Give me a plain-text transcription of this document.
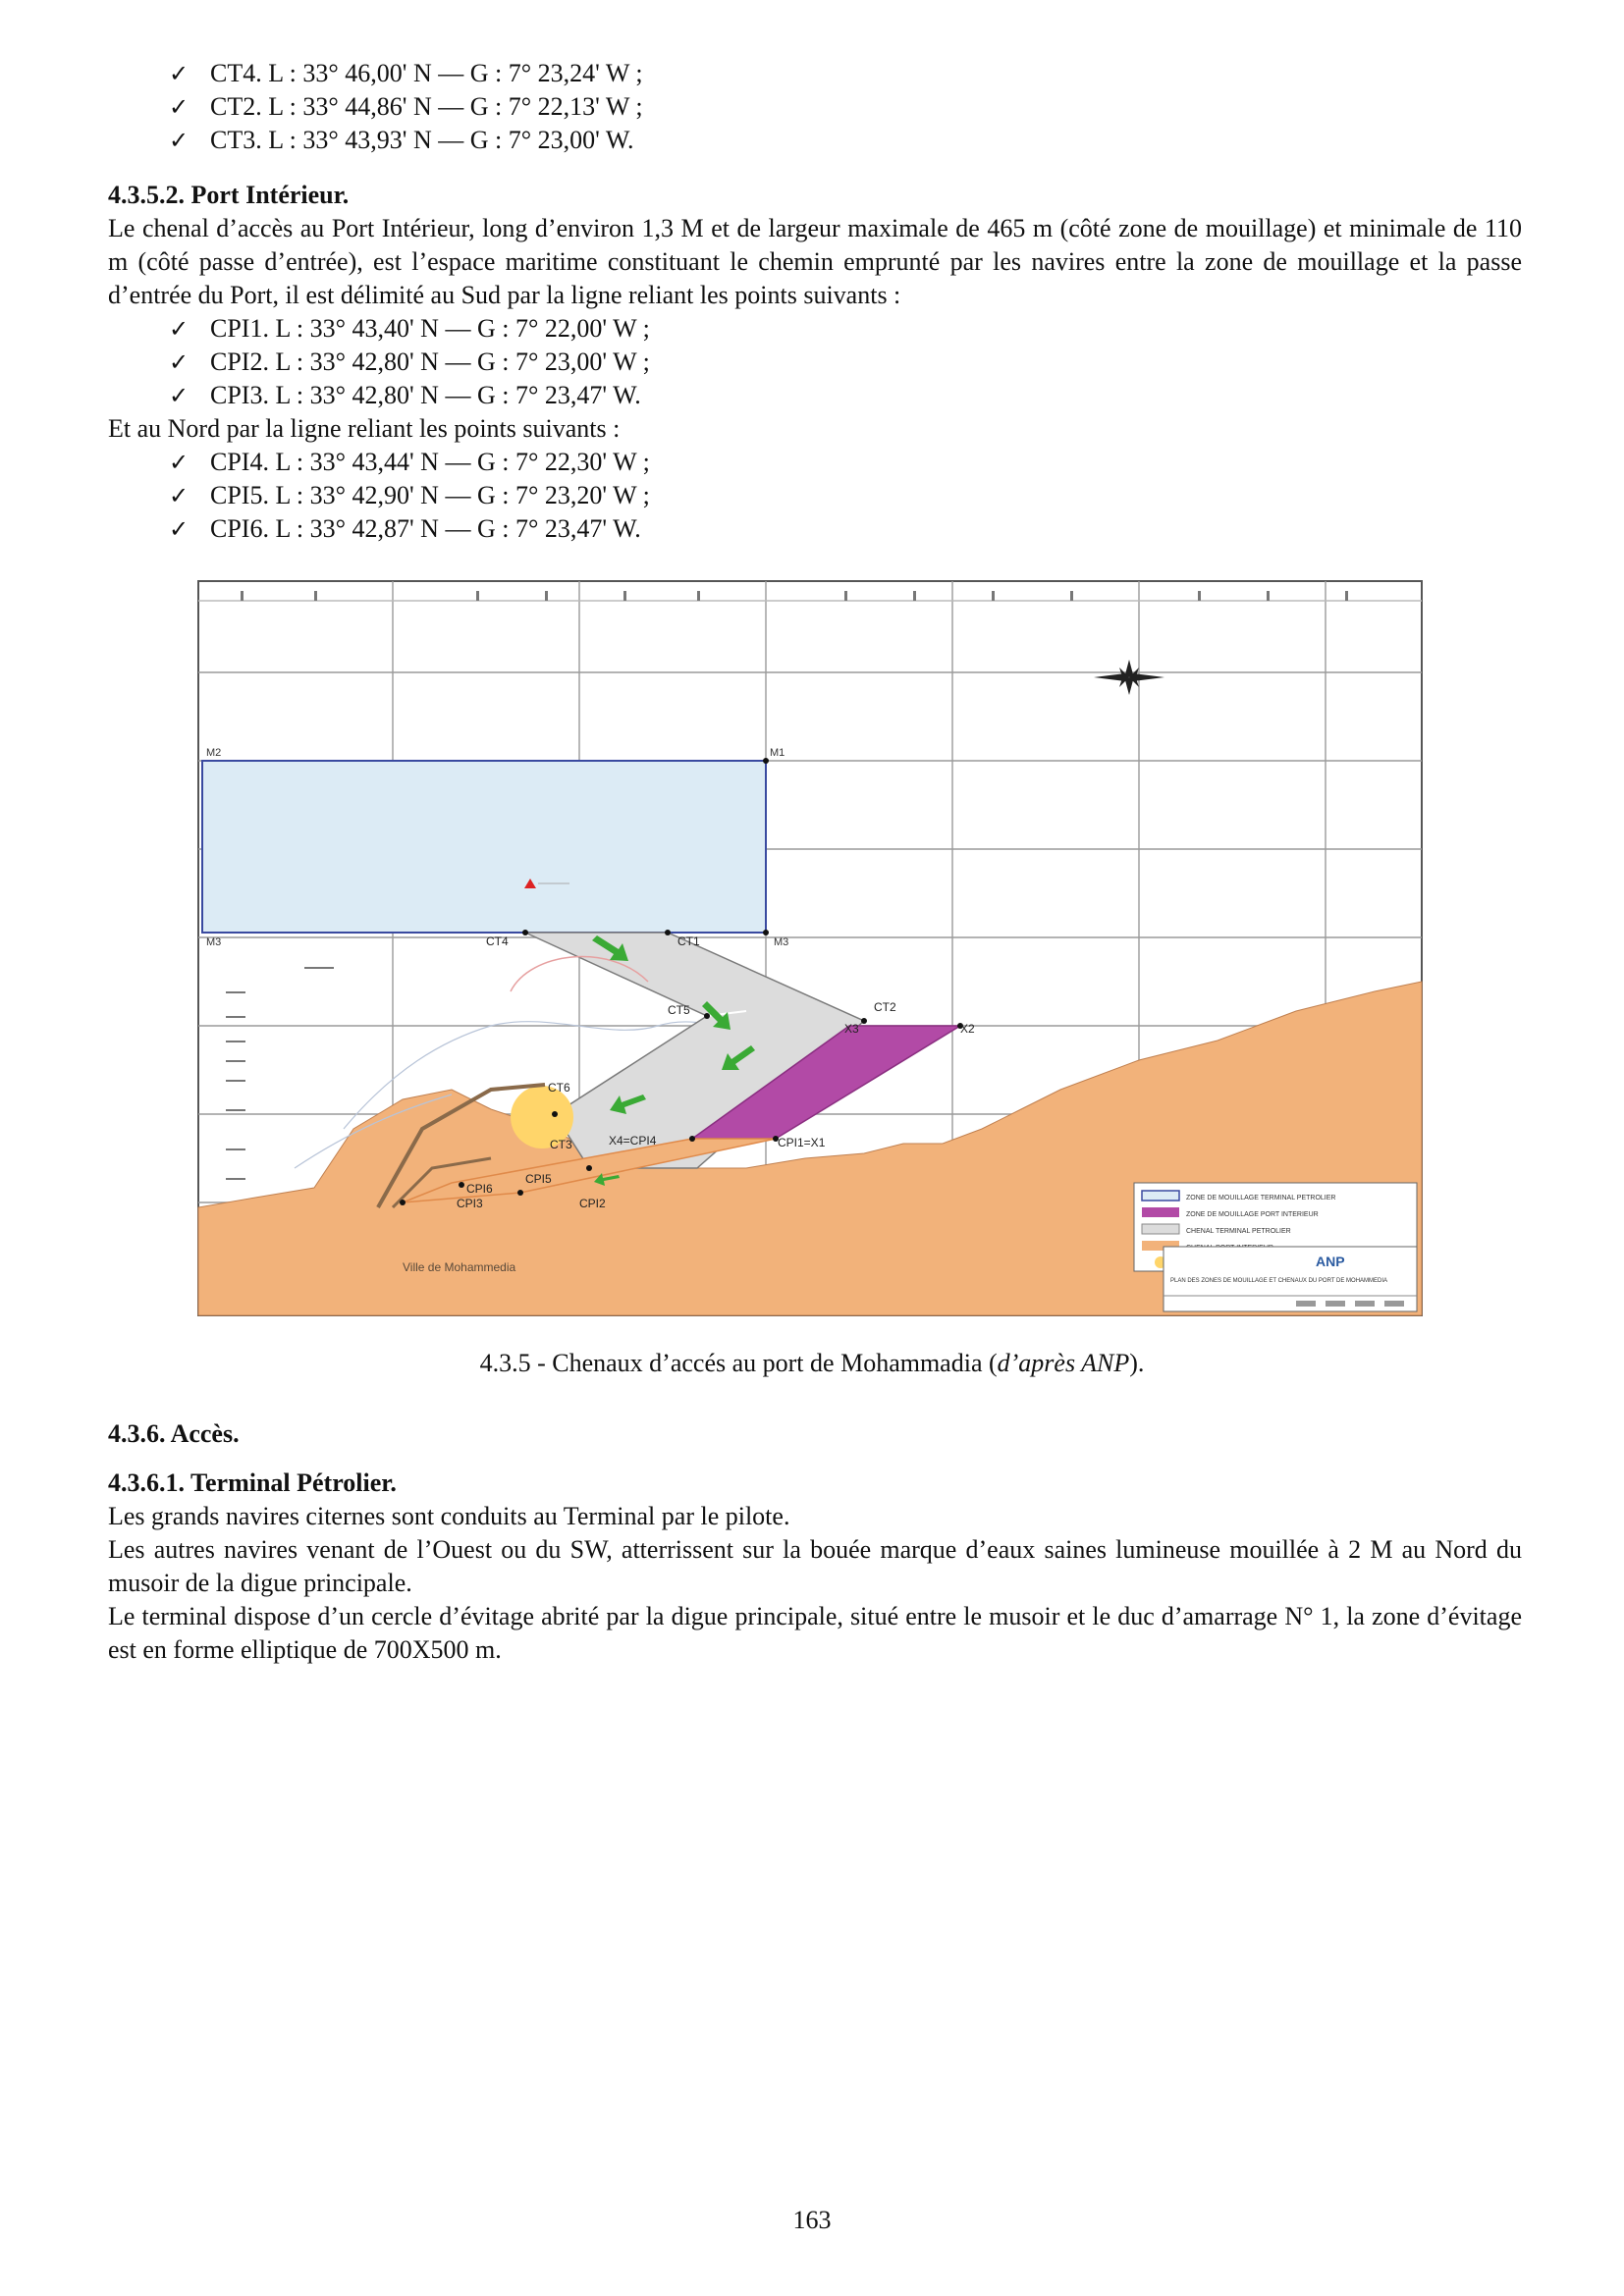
✓ CT4. L : 33° 46,00' N — G : 7° 23,24' W ;
✓ CT2. L : 33° 44,86' N — G : 7° 22,13' W ;
✓ CT3. L : 33° 43,93' N — G : 7° 23,00' W.
4.3.5.2. Port Intérieur.

Le chenal d’accès au Port Intérieur, long d’environ 1,3 M et de largeur maximale de 465 m (côté zone de mouillage) et minimale de 110 m (côté passe d’entrée), est l’espace maritime constituant le chemin emprunté par les navires entre la zone de mouillage et la passe d’entrée du Port, il est délimité au Sud par la ligne reliant les points suivants :

✓ CPI1. L : 33° 43,40' N — G : 7° 22,00' W ;
✓ CPI2. L : 33° 42,80' N — G : 7° 23,00' W ;
✓ CPI3. L : 33° 42,80' N — G : 7° 23,47' W.

Et au Nord par la ligne reliant les points suivants :

✓ CPI4. L : 33° 43,44' N — G : 7° 22,30' W ;
✓ CPI5. L : 33° 42,90' N — G : 7° 23,20' W ;
✓ CPI6. L : 33° 42,87' N — G : 7° 23,47' W.
M2	M1
M3	M3
CT4	CT1
CT2
CT5
CT6
CT3
X3	X2
X4=CPI4	CPI1=X1
CPI2
CPI3
CPI5
CPI6
Ville de Mohammedia
ZONE DE MOUILLAGE TERMINAL PETROLIER
ZONE DE MOUILLAGE PORT INTERIEUR
CHENAL TERMINAL PETROLIER
ANP
PLAN DES ZONES DE MOUILLAGE ET CHENAUX DU PORT DE MOHAMMEDIA
4.3.5 - Chenaux d’accés au port de Mohammadia (d’après ANP).
4.3.6. Accès.
4.3.6.1. Terminal Pétrolier.

Les grands navires citernes sont conduits au Terminal par le pilote.

Les autres navires venant de l’Ouest ou du SW, atterrissent sur la bouée marque d’eaux saines lumineuse mouillée à 2 M au Nord du musoir de la digue principale.

Le terminal dispose d’un cercle d’évitage abrité par la digue principale, situé entre le musoir et le duc d’amarrage N° 1, la zone d’évitage est en forme elliptique de 700X500 m.

163
